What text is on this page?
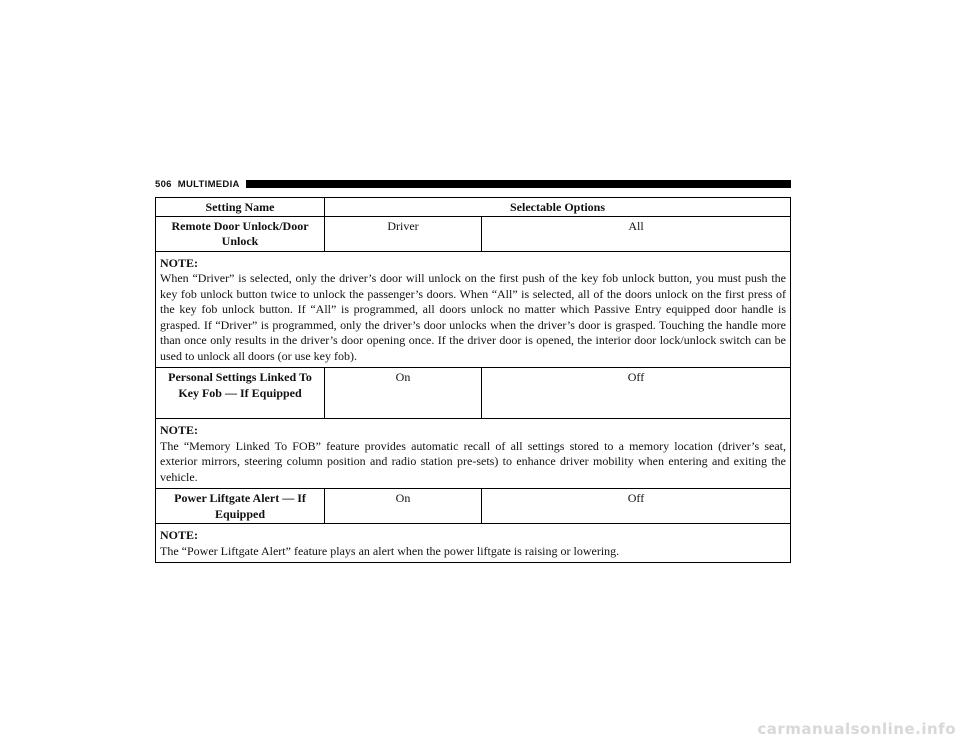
506 MULTIMEDIA
Setting Name	Selectable Options	
Remote Door Unlock/Door Unlock	Driver	All

NOTE:
When “Driver” is selected, only the driver’s door will unlock on the first push of the key fob unlock button, you must push the key fob unlock button twice to unlock the passenger’s doors. When “All” is selected, all of the doors unlock on the first press of the key fob unlock button. If “All” is programmed, all doors unlock no matter which Passive Entry equipped door handle is grasped. If “Driver” is programmed, only the driver’s door unlocks when the driver’s door is grasped. Touching the handle more than once only results in the driver’s door opening once. If the driver door is opened, the interior door lock/unlock switch can be used to unlock all doors (or use key fob).		

Personal Settings Linked To Key Fob — If Equipped	On	Off

NOTE:
The “Memory Linked To FOB” feature provides automatic recall of all settings stored to a memory location (driver’s seat, exterior mirrors, steering column position and radio station pre-sets) to enhance driver mobility when entering and exiting the vehicle.		

Power Liftgate Alert — If Equipped	On	Off

NOTE:
The “Power Liftgate Alert” feature plays an alert when the power liftgate is raising or lowering.		
carmanualsonline.info
